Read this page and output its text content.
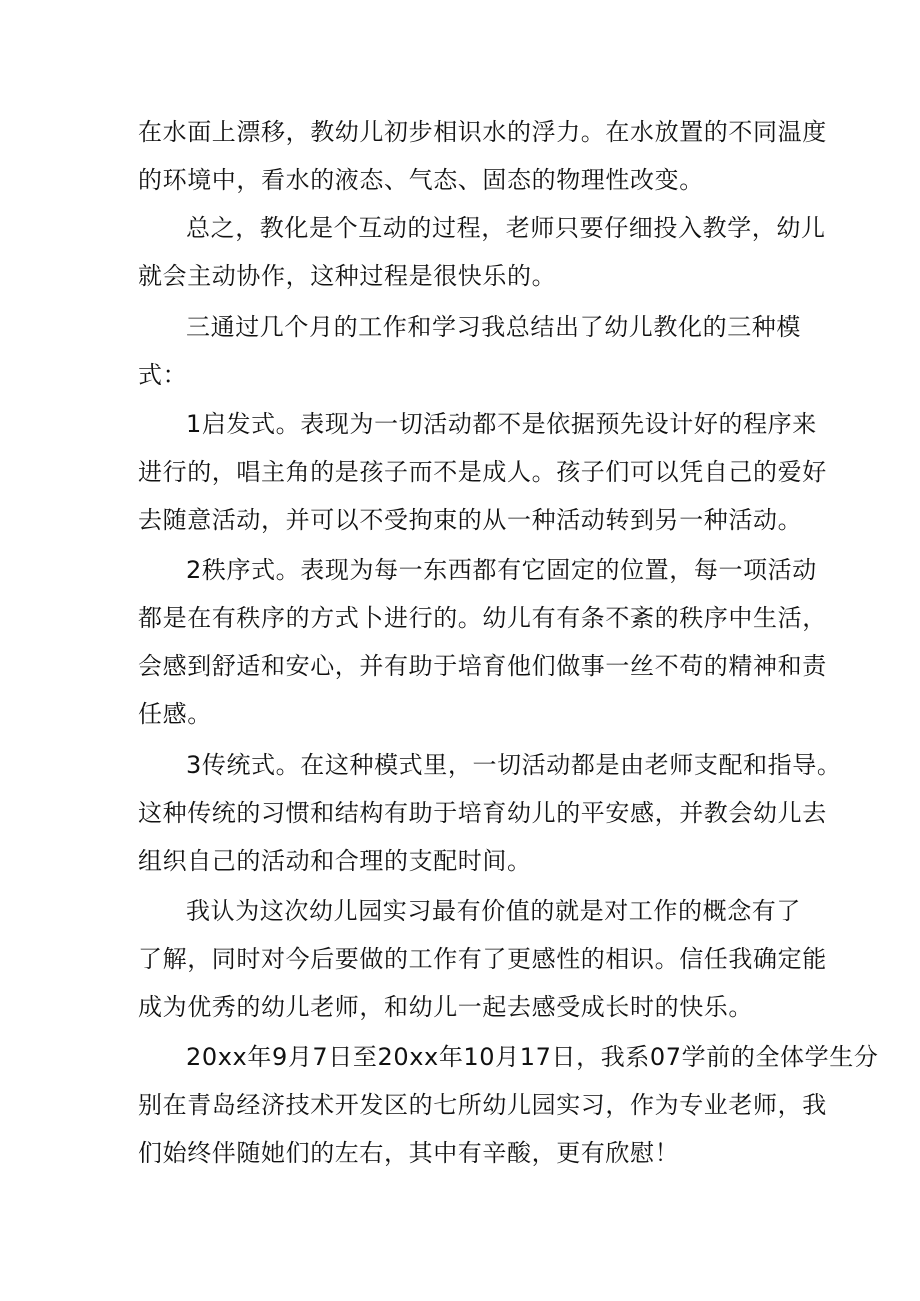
在水面上漂移，教幼儿初步相识水的浮力。在水放置的不同温度
的环境中，看水的液态、气态、固态的物理性改变。
总之，教化是个互动的过程，老师只要仔细投入教学，幼儿
就会主动协作，这种过程是很快乐的。
三通过几个月的工作和学习我总结出了幼儿教化的三种模
式：
1启发式。表现为一切活动都不是依据预先设计好的程序来
进行的，唱主角的是孩子而不是成人。孩子们可以凭自己的爱好
去随意活动，并可以不受拘束的从一种活动转到另一种活动。
2秩序式。表现为每一东西都有它固定的位置，每一项活动
都是在有秩序的方式卜进行的。幼儿有有条不紊的秩序中生活，
会感到舒适和安心，并有助于培育他们做事一丝不苟的精神和责
任感。
3传统式。在这种模式里，一切活动都是由老师支配和指导。
这种传统的习惯和结构有助于培育幼儿的平安感，并教会幼儿去
组织自己的活动和合理的支配时间。
我认为这次幼儿园实习最有价值的就是对工作的概念有了
了解，同时对今后要做的工作有了更感性的相识。信任我确定能
成为优秀的幼儿老师，和幼儿一起去感受成长时的快乐。
20xx年9月7日至20xx年10月17日，我系07学前的全体学生分
别在青岛经济技术开发区的七所幼儿园实习，作为专业老师，我
们始终伴随她们的左右，其中有辛酸，更有欣慰！
